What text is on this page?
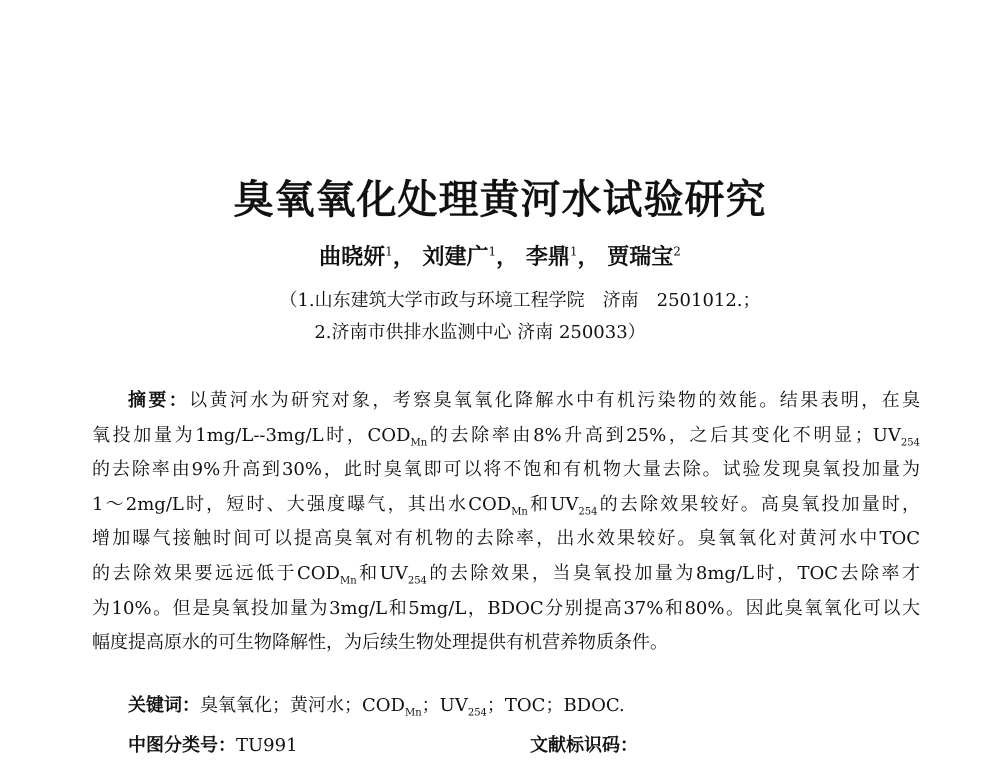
臭氧氧化处理黄河水试验研究
曲晓妍$^1$， 刘建广$^1$， 李鼎$^1$， 贾瑞宝$^2$
（1.山东建筑大学市政与环境工程学院　济南　2501012.；
2.济南市供排水监测中心 济南 250033）
摘要：以黄河水为研究对象，考察臭氧氧化降解水中有机污染物的效能。结果表明，在臭
氧投加量为1mg/L--3mg/L时，$COD_{Mn}$的去除率由8%升高到25%，之后其变化不明显；$UV_{254}$
的去除率由9%升高到30%，此时臭氧即可以将不饱和有机物大量去除。试验发现臭氧投加量为
1～2mg/L时，短时、大强度曝气，其出水$COD_{Mn}$和$UV_{254}$的去除效果较好。高臭氧投加量时，
增加曝气接触时间可以提高臭氧对有机物的去除率，出水效果较好。臭氧氧化对黄河水中TOC
的去除效果要远远低于$COD_{Mn}$和$UV_{254}$的去除效果，当臭氧投加量为8mg/L时，TOC去除率才
为10%。但是臭氧投加量为3mg/L和5mg/L，BDOC分别提高37%和80%。因此臭氧氧化可以大
幅度提高原水的可生物降解性，为后续生物处理提供有机营养物质条件。
关键词：臭氧氧化；黄河水；$COD_{Mn}$；$UV_{254}$；TOC；BDOC.
中图分类号：TU991	文献标识码：
